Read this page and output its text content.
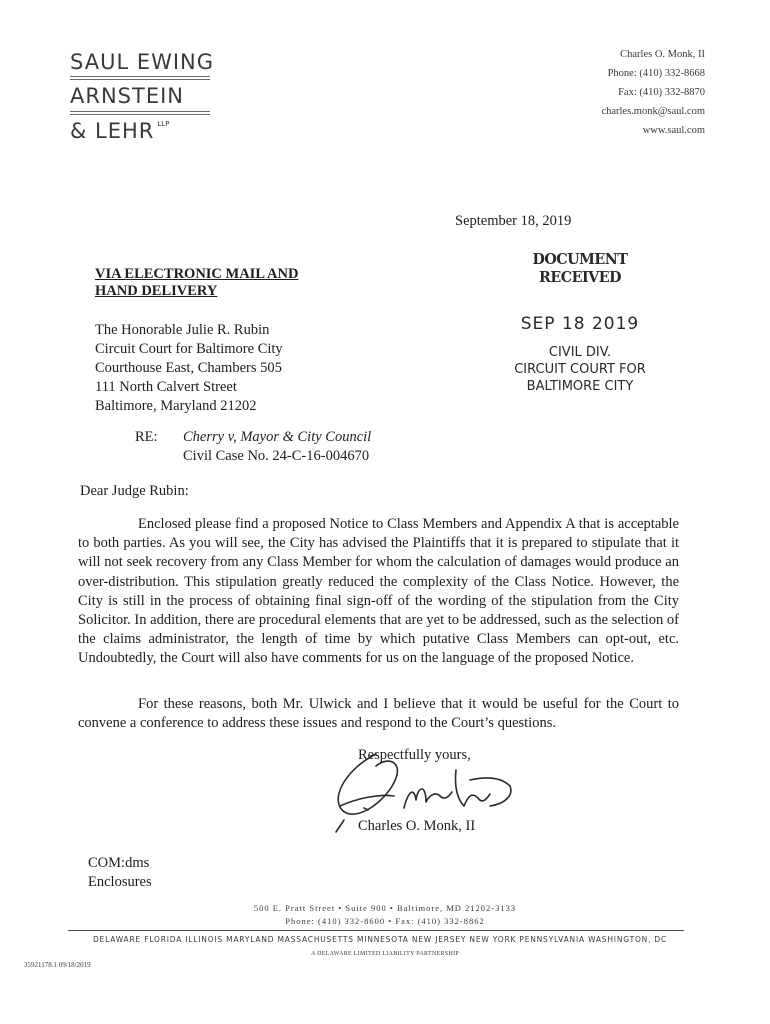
SAUL EWING
ARNSTEIN
& LEHR $^{LLP}$
Charles O. Monk, II
Phone: (410) 332-8668
Fax: (410) 332-8870
charles.monk@saul.com
www.saul.com
September 18, 2019
VIA ELECTRONIC MAIL AND
HAND DELIVERY
DOCUMENT RECEIVED
SEP 18 2019
CIVIL DIV.
CIRCUIT COURT FOR
BALTIMORE CITY
The Honorable Julie R. Rubin
Circuit Court for Baltimore City
Courthouse East, Chambers 505
111 North Calvert Street
Baltimore, Maryland 21202
RE: Cherry v, Mayor & City Council
Civil Case No. 24-C-16-004670
Dear Judge Rubin:
Enclosed please find a proposed Notice to Class Members and Appendix A that is acceptable to both parties. As you will see, the City has advised the Plaintiffs that it is prepared to stipulate that it will not seek recovery from any Class Member for whom the calculation of damages would produce an over-distribution. This stipulation greatly reduced the complexity of the Class Notice. However, the City is still in the process of obtaining final sign-off of the wording of the stipulation from the City Solicitor. In addition, there are procedural elements that are yet to be addressed, such as the selection of the claims administrator, the length of time by which putative Class Members can opt-out, etc. Undoubtedly, the Court will also have comments for us on the language of the proposed Notice.
For these reasons, both Mr. Ulwick and I believe that it would be useful for the Court to convene a conference to address these issues and respond to the Court’s questions.
Respectfully yours,
Charles O. Monk, II
COM:dms
Enclosures
500 E. Pratt Street • Suite 900 • Baltimore, MD 21202-3133
Phone: (410) 332-8600 • Fax: (410) 332-8862
DELAWARE FLORIDA ILLINOIS MARYLAND MASSACHUSETTS MINNESOTA NEW JERSEY NEW YORK PENNSYLVANIA WASHINGTON, DC
A DELAWARE LIMITED LIABILITY PARTNERSHIP
35921178.1 09/18/2019
